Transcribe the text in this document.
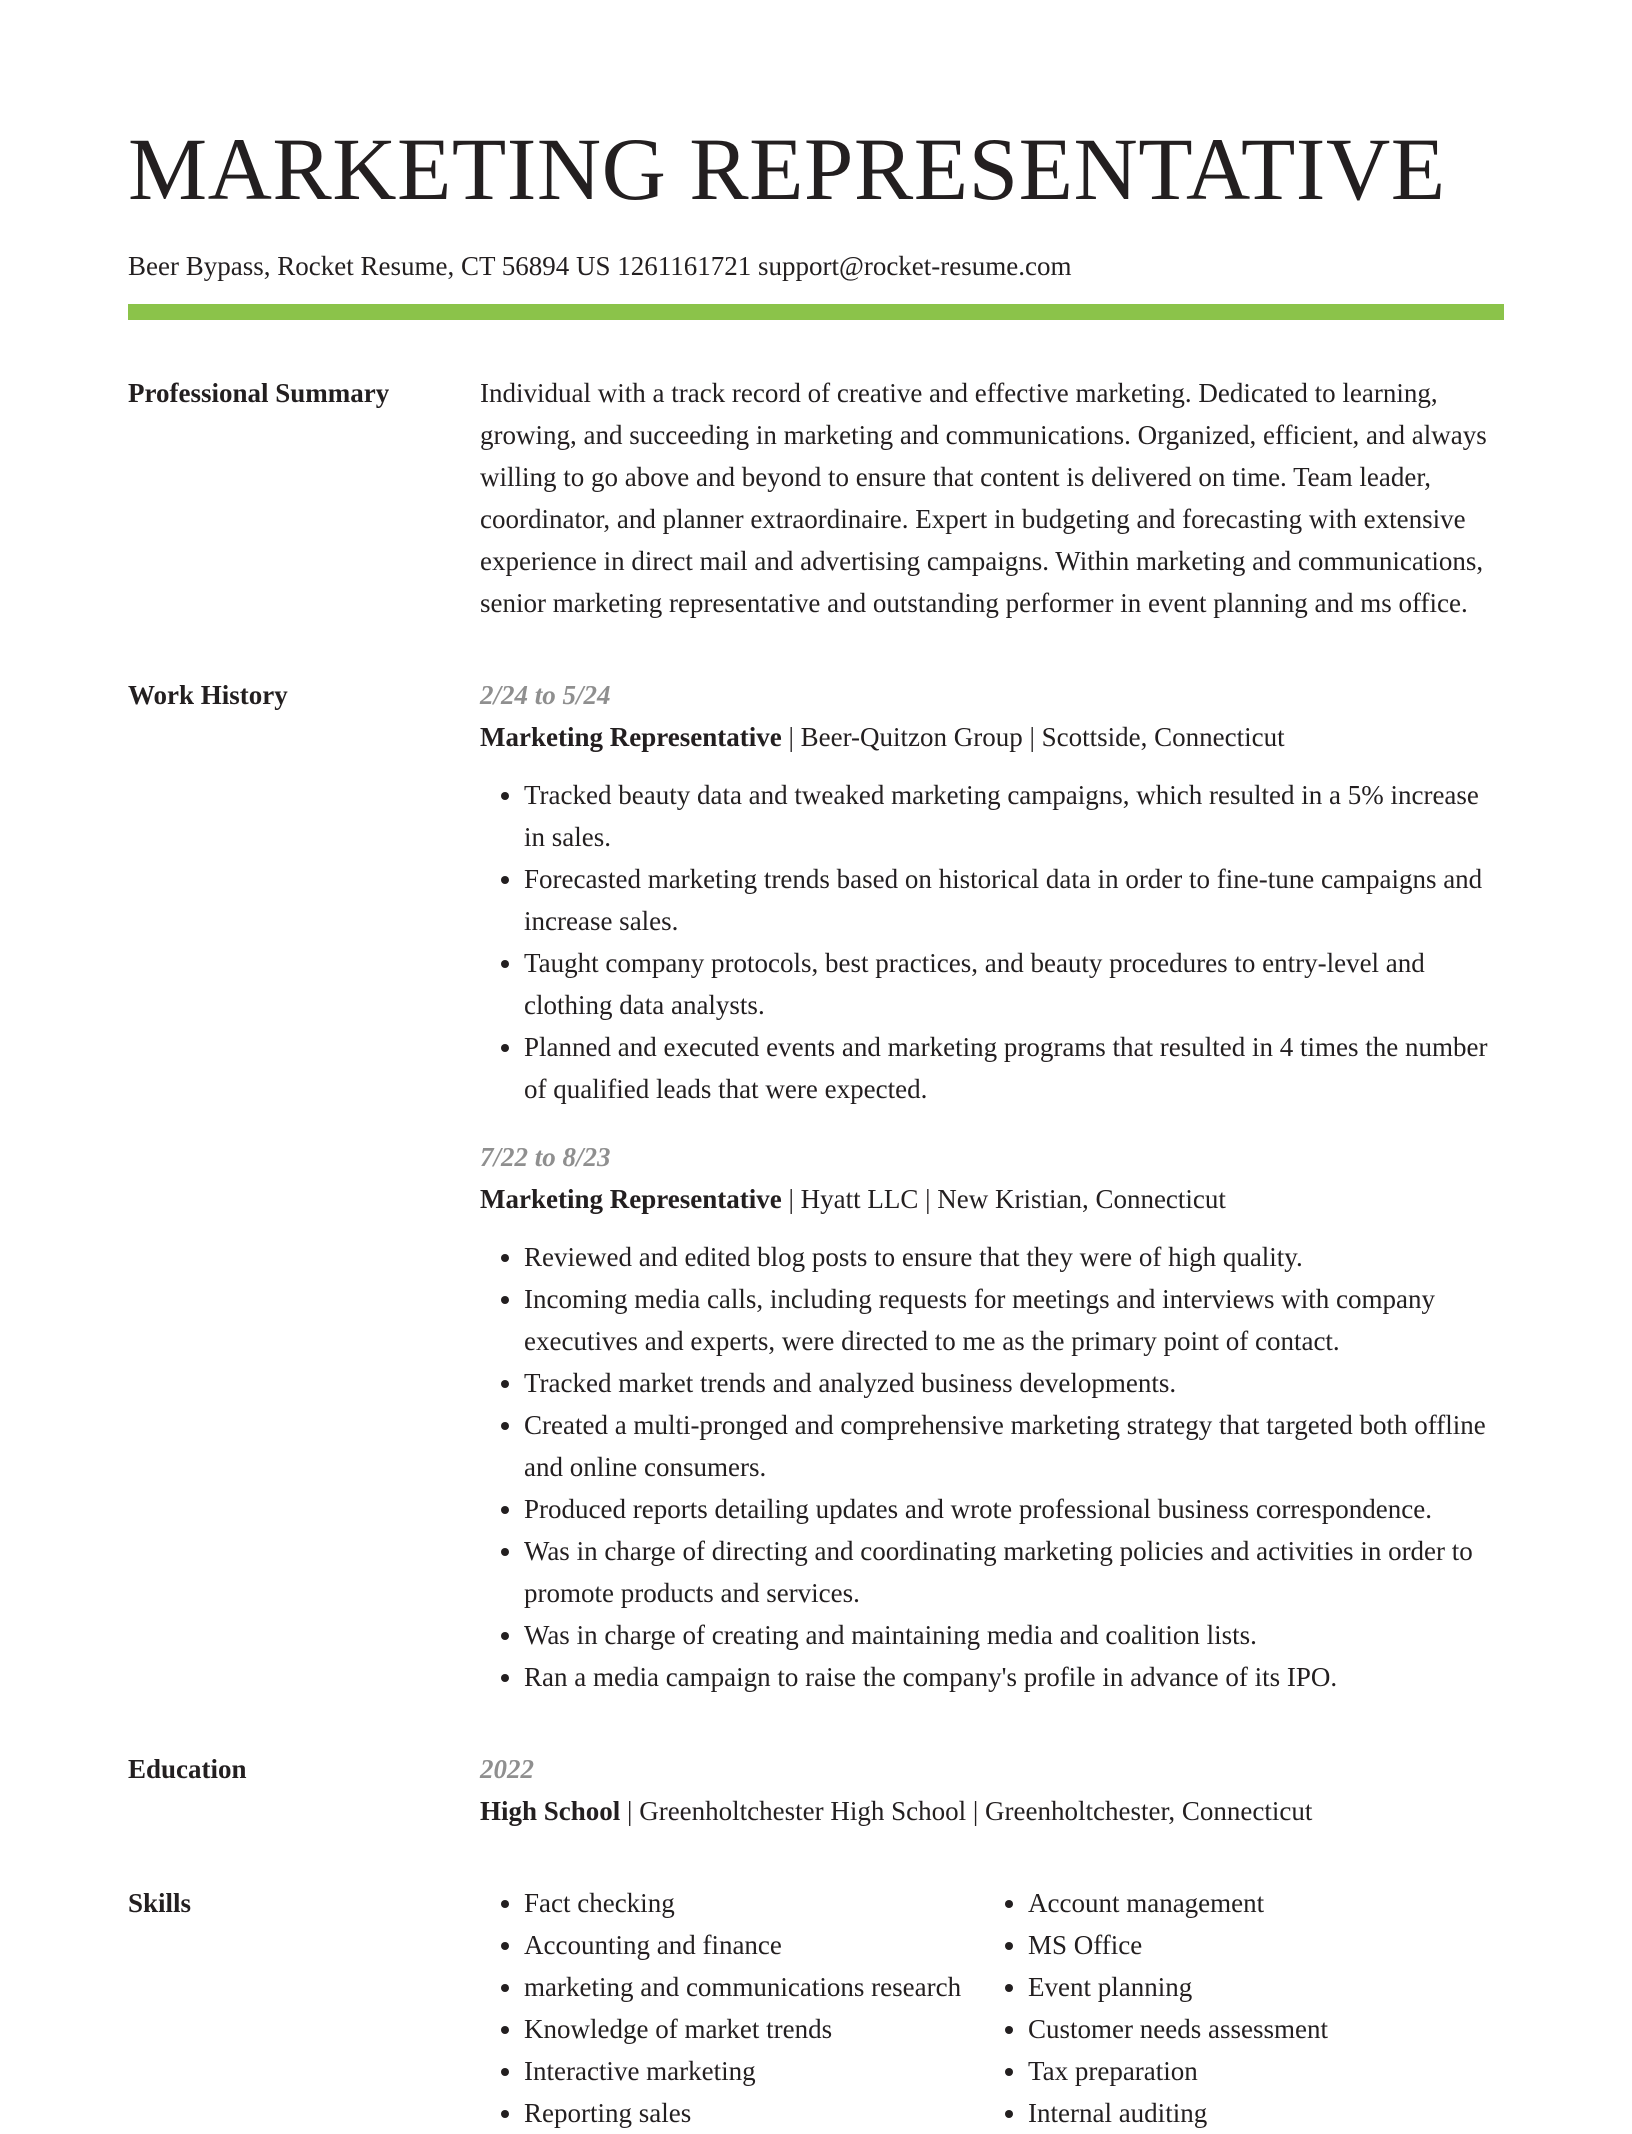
MARKETING REPRESENTATIVE
Beer Bypass, Rocket Resume, CT 56894 US 1261161721 support@rocket-resume.com
Professional Summary	Individual with a track record of creative and effective marketing. Dedicated to learning, growing, and succeeding in marketing and communications. Organized, efficient, and always willing to go above and beyond to ensure that content is delivered on time. Team leader, coordinator, and planner extraordinaire. Expert in budgeting and forecasting with extensive experience in direct mail and advertising campaigns. Within marketing and communications, senior marketing representative and outstanding performer in event planning and ms office.

Work History	2/24 to 5/24
Marketing Representative | Beer-Quitzon Group | Scottside, Connecticut
• Tracked beauty data and tweaked marketing campaigns, which resulted in a 5% increase in sales.
• Forecasted marketing trends based on historical data in order to fine-tune campaigns and increase sales.
• Taught company protocols, best practices, and beauty procedures to entry-level and clothing data analysts.
• Planned and executed events and marketing programs that resulted in 4 times the number of qualified leads that were expected.
7/22 to 8/23
Marketing Representative | Hyatt LLC | New Kristian, Connecticut
• Reviewed and edited blog posts to ensure that they were of high quality.
• Incoming media calls, including requests for meetings and interviews with company executives and experts, were directed to me as the primary point of contact.
• Tracked market trends and analyzed business developments.
• Created a multi-pronged and comprehensive marketing strategy that targeted both offline and online consumers.
• Produced reports detailing updates and wrote professional business correspondence.
• Was in charge of directing and coordinating marketing policies and activities in order to promote products and services.
• Was in charge of creating and maintaining media and coalition lists.
• Ran a media campaign to raise the company's profile in advance of its IPO.
Education	2022
High School | Greenholtchester High School | Greenholtchester, Connecticut
Skills
•	Fact checking
• Accounting and finance
• marketing and communications research
• Knowledge of market trends
• Interactive marketing
• Reporting sales
• Account management
• MS Office
• Event planning
• Customer needs assessment
• Tax preparation
• Internal auditing
